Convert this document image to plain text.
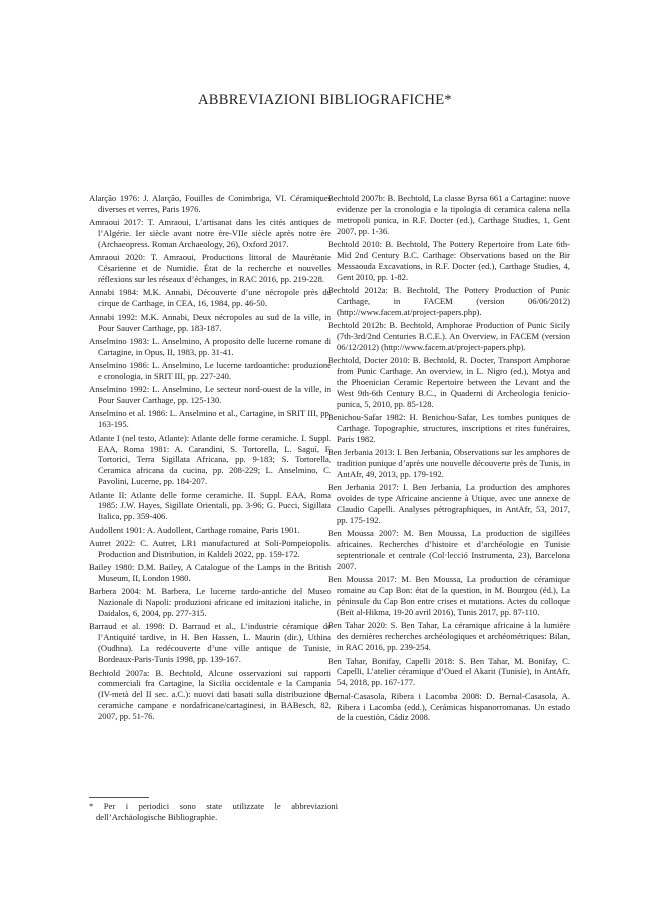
ABBREVIAZIONI BIBLIOGRAFICHE*

Alarção 1976: J. Alarção, Fouilles de Conimbriga, VI. Céramiques diverses et verres, Paris 1976.

Amraoui 2017: T. Amraoui, L’artisanat dans les cités antiques de l’Algérie. Ier siècle avant notre ère-VIIe siècle après notre ère (Archaeopress. Roman Archaeology, 26), Oxford 2017.

Amraoui 2020: T. Amraoui, Productions littoral de Maurétanie Césarienne et de Numidie. État de la recherche et nouvelles réflexions sur les réseaux d’échanges, in RAC 2016, pp. 219-228.

Annabi 1984: M.K. Annabi, Découverte d’une nécropole près du cirque de Carthage, in CEA, 16, 1984, pp. 46-50.

Annabi 1992: M.K. Annabi, Deux nécropoles au sud de la ville, in Pour Sauver Carthage, pp. 183-187.

Anselmino 1983: L. Anselmino, A proposito delle lucerne romane di Cartagine, in Opus, II, 1983, pp. 31-41.

Anselmino 1986: L. Anselmino, Le lucerne tardoantiche: produzione e cronologia, in SRIT III, pp. 227-240.

Anselmino 1992: L. Anselmino, Le secteur nord-ouest de la ville, in Pour Sauver Carthage, pp. 125-130.

Anselmino et al. 1986: L. Anselmino et al., Cartagine, in SRIT III, pp. 163-195.

Atlante I (nel testo, Atlante): Atlante delle forme ceramiche. I. Suppl. EAA, Roma 1981: A. Carandini, S. Tortorella, L. Saguì, F. Tortorici, Terra Sigillata Africana, pp. 9-183; S. Tortorella, Ceramica africana da cucina, pp. 208-229; L. Anselmino, C. Pavolini, Lucerne, pp. 184-207.

Atlante II: Atlante delle forme ceramiche. II. Suppl. EAA, Roma 1985: J.W. Hayes, Sigillate Orientali, pp. 3-96; G. Pucci, Sigillata Italica, pp. 359-406.

Audollent 1901: A. Audollent, Carthage romaine, Paris 1901.

Autret 2022: C. Autret, LR1 manufactured at Soli-Pompeiopolis. Production and Distribution, in Kaldeli 2022, pp. 159-172.

Bailey 1980: D.M. Bailey, A Catalogue of the Lamps in the British Museum, II, London 1980.

Barbera 2004: M. Barbera, Le lucerne tardo-antiche del Museo Nazionale di Napoli: produzioni africane ed imitazioni italiche, in Daidalos, 6, 2004, pp. 277-315.

Barraud et al. 1998: D. Barraud et al., L’industrie céramique de l’Antiquité tardive, in H. Ben Hassen, L. Maurin (dir.), Uthina (Oudhna). La redécouverte d’une ville antique de Tunisie, Bordeaux-Paris-Tunis 1998, pp. 139-167.

Bechtold 2007a: B. Bechtold, Alcune osservazioni sui rapporti commerciali fra Cartagine, la Sicilia occidentale e la Campania (IV-metà del II sec. a.C.): nuovi dati basati sulla distribuzione di ceramiche campane e nordafricane/cartaginesi, in BABesch, 82, 2007, pp. 51-76.

Bechtold 2007b: B. Bechtold, La classe Byrsa 661 a Cartagine: nuove evidenze per la cronologia e la tipologia di ceramica calena nella metropoli punica, in R.F. Docter (ed.), Carthage Studies, 1, Gent 2007, pp. 1-36.

Bechtold 2010: B. Bechtold, The Pottery Repertoire from Late 6th-Mid 2nd Century B.C. Carthage: Observations based on the Bir Messaouda Excavations, in R.F. Docter (ed.), Carthage Studies, 4, Gent 2010, pp. 1-82.

Bechtold 2012a: B. Bechtold, The Pottery Production of Punic Carthage, in FACEM (version 06/06/2012) (http://www.facem.at/project-papers.php).

Bechtold 2012b: B. Bechtold, Amphorae Production of Punic Sicily (7th-3rd/2nd Centuries B.C.E.). An Overview, in FACEM (version 06/12/2012) (http://www.facem.at/project-papers.php).

Bechtold, Docter 2010: B. Bechtold, R. Docter, Transport Amphorae from Punic Carthage. An overview, in L. Nigro (ed.), Motya and the Phoenician Ceramic Repertoire between the Levant and the West 9th-6th Century B.C., in Quaderni di Archeologia fenicio-punica, 5, 2010, pp. 85-128.

Benichou-Safar 1982: H. Benichou-Safar, Les tombes puniques de Carthage. Topographie, structures, inscriptions et rites funéraires, Paris 1982.

Ben Jerbania 2013: I. Ben Jerbania, Observations sur les amphores de tradition punique d’après une nouvelle découverte près de Tunis, in AntAfr, 49, 2013, pp. 179-192.

Ben Jerbania 2017: I. Ben Jerbania, La production des amphores ovoïdes de type Africaine ancienne à Utique, avec une annexe de Claudio Capelli. Analyses pétrographiques, in AntAfr, 53, 2017, pp. 175-192.

Ben Moussa 2007: M. Ben Moussa, La production de sigillées africaines. Recherches d’histoire et d’archéologie en Tunisie septentrionale et centrale (Col·lecció Instrumenta, 23), Barcelona 2007.

Ben Moussa 2017: M. Ben Moussa, La production de céramique romaine au Cap Bon: état de la question, in M. Bourgou (éd.), La péninsule du Cap Bon entre crises et mutations. Actes du colloque (Beït al-Hikma, 19-20 avril 2016), Tunis 2017, pp. 87-110.

Ben Tahar 2020: S. Ben Tahar, La céramique africaine à la lumière des dernières recherches archéologiques et archéométriques: Bilan, in RAC 2016, pp. 239-254.

Ben Tahar, Bonifay, Capelli 2018: S. Ben Tahar, M. Bonifay, C. Capelli, L’atelier céramique d’Oued el Akarit (Tunisie), in AntAfr, 54, 2018, pp. 167-177.

Bernal-Casasola, Ribera i Lacomba 2008: D. Bernal-Casasola, A. Ribera i Lacomba (edd.), Cerámicas hispanorromanas. Un estado de la cuestión, Cádiz 2008.

* Per i periodici sono state utilizzate le abbreviazioni dell’Archäologische Bibliographie.
